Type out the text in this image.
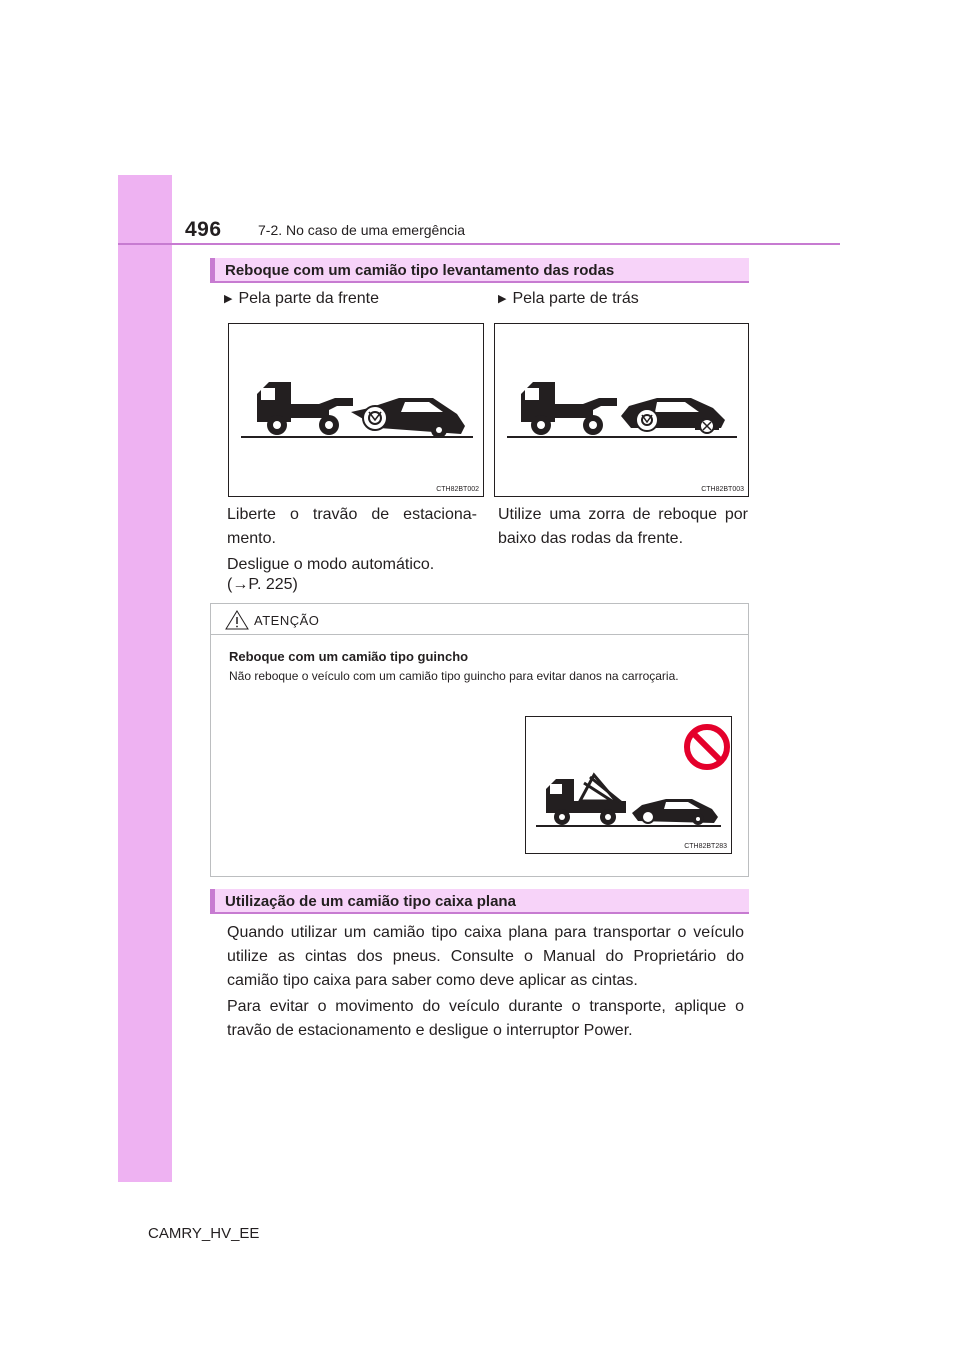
496	7-2. No caso de uma emergência
Reboque com um camião tipo levantamento das rodas
▶ Pela parte da frente	▶ Pela parte de trás
CTH82BT002	CTH82BT003

Liberte o travão de estaciona-

mento.

Desligue o modo automático.

(→P. 225)

Utilize uma zorra de reboque por

baixo das rodas da frente.

ATENÇÃO
Reboque com um camião tipo guincho

Não reboque o veículo com um camião tipo guincho para evitar danos na carroçaria.

CTH82BT283
Utilização de um camião tipo caixa plana

Quando utilizar um camião tipo caixa plana para transportar o veículo

utilize as cintas dos pneus. Consulte o Manual do Proprietário do

camião tipo caixa para saber como deve aplicar as cintas.

Para evitar o movimento do veículo durante o transporte, aplique o

travão de estacionamento e desligue o interruptor Power.

CAMRY_HV_EE
